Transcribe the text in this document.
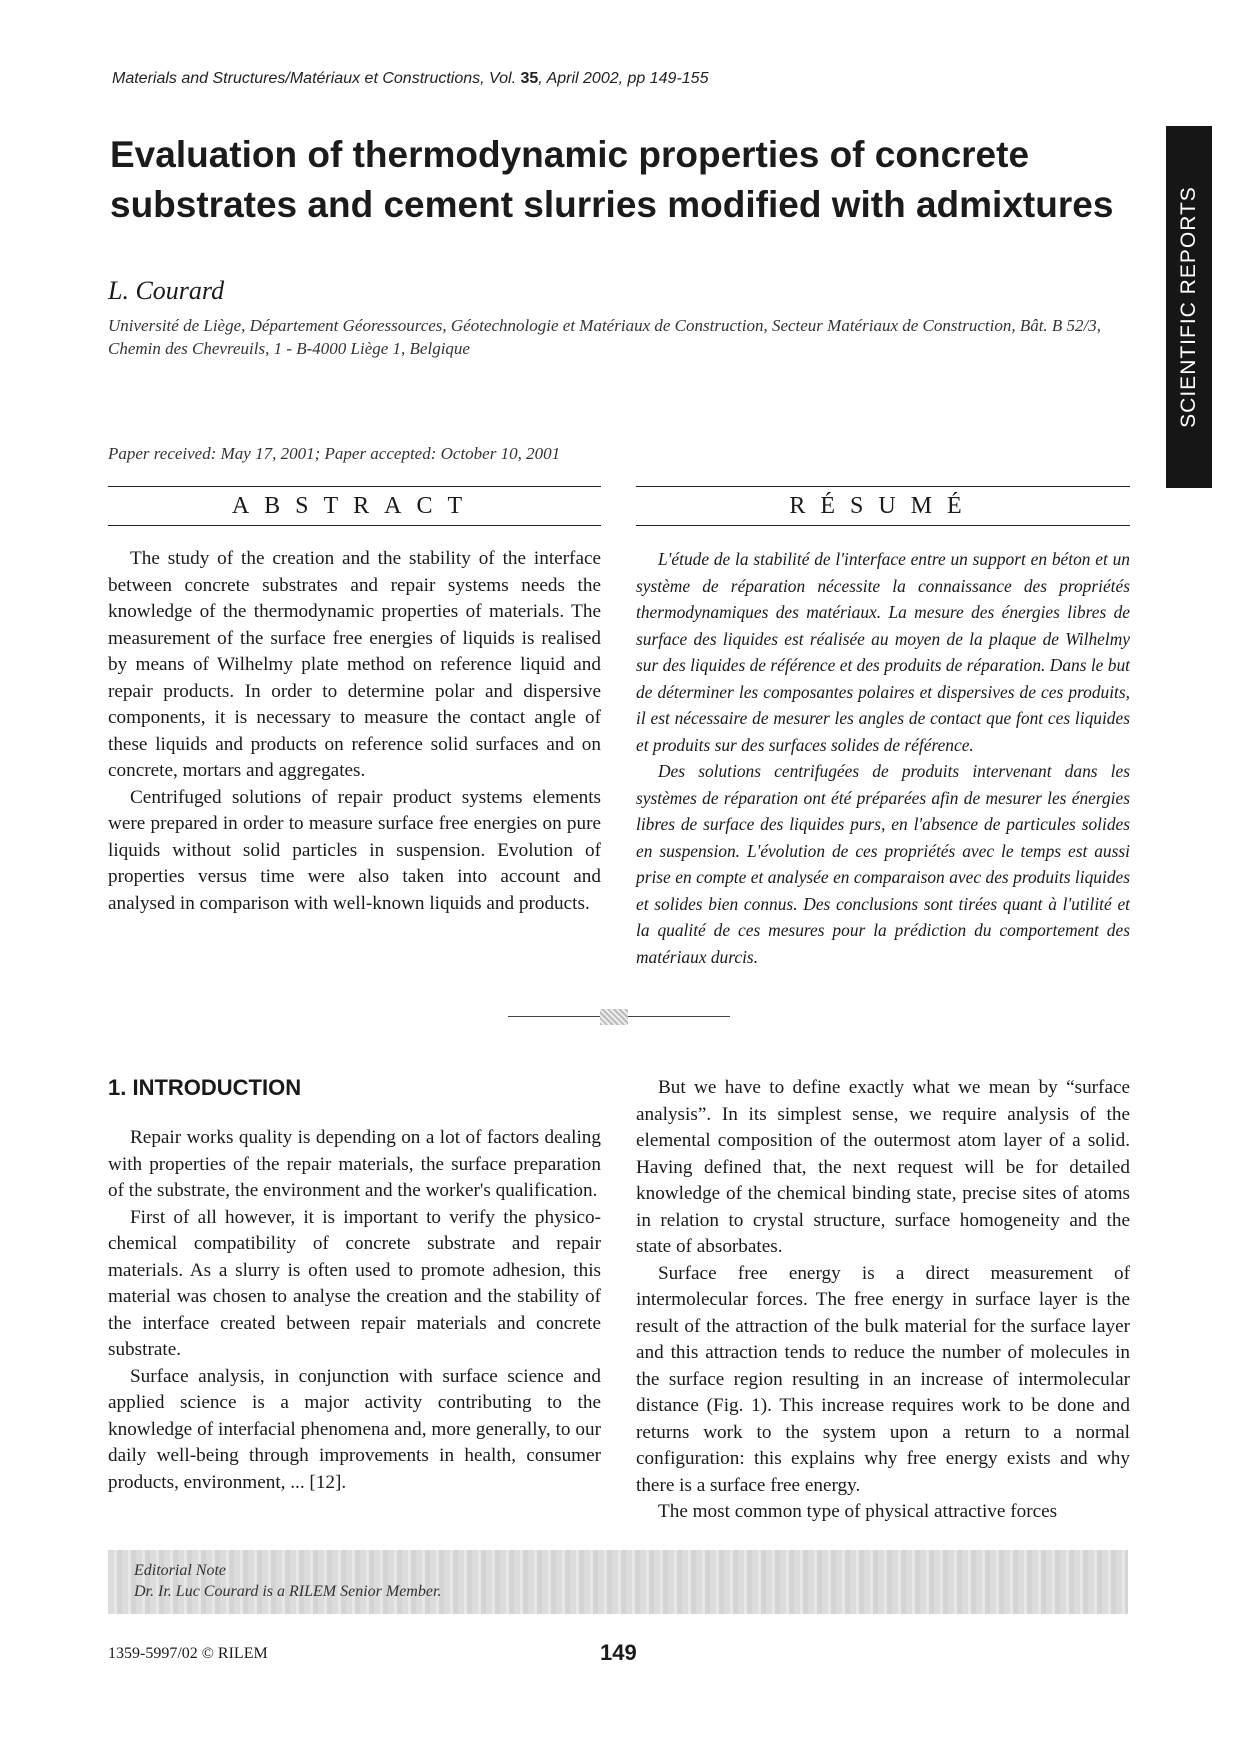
Materials and Structures/Matériaux et Constructions, Vol. 35, April 2002, pp 149-155
Evaluation of thermodynamic properties of concrete
substrates and cement slurries modified with admixtures	SCIENTIFIC REPORTS
L. Courard
Université de Liège, Département Géoressources, Géotechnologie et Matériaux de Construction, Secteur Matériaux de Construction, Bât. B 52/3,
Chemin des Chevreuils, 1 - B-4000 Liège 1, Belgique
Paper received: May 17, 2001; Paper accepted: October 10, 2001
ABSTRACT	RÉSUMÉ

The study of the creation and the stability of the interface between concrete substrates and repair systems needs the knowledge of the thermodynamic properties of materials. The measurement of the surface free energies of liquids is realised by means of Wilhelmy plate method on reference liquid and repair products. In order to determine polar and dispersive components, it is necessary to measure the contact angle of these liquids and products on reference solid surfaces and on concrete, mortars and aggregates.

Centrifuged solutions of repair product systems elements were prepared in order to measure surface free energies on pure liquids without solid particles in suspension. Evolution of properties versus time were also taken into account and analysed in comparison with well-known liquids and products.

L'étude de la stabilité de l'interface entre un support en béton et un système de réparation nécessite la connaissance des propriétés thermodynamiques des matériaux. La mesure des énergies libres de surface des liquides est réalisée au moyen de la plaque de Wilhelmy sur des liquides de référence et des produits de réparation. Dans le but de déterminer les composantes polaires et dispersives de ces produits, il est nécessaire de mesurer les angles de contact que font ces liquides et produits sur des surfaces solides de référence.

Des solutions centrifugées de produits intervenant dans les systèmes de réparation ont été préparées afin de mesurer les énergies libres de surface des liquides purs, en l'absence de particules solides en suspension. L'évolution de ces propriétés avec le temps est aussi prise en compte et analysée en comparaison avec des produits liquides et solides bien connus. Des conclusions sont tirées quant à l'utilité et la qualité de ces mesures pour la prédiction du comportement des matériaux durcis.

1. INTRODUCTION

Repair works quality is depending on a lot of factors dealing with properties of the repair materials, the surface preparation of the substrate, the environment and the worker's qualification.

First of all however, it is important to verify the physico-chemical compatibility of concrete substrate and repair materials. As a slurry is often used to promote adhesion, this material was chosen to analyse the creation and the stability of the interface created between repair materials and concrete substrate.

Surface analysis, in conjunction with surface science and applied science is a major activity contributing to the knowledge of interfacial phenomena and, more generally, to our daily well-being through improvements in health, consumer products, environment, ... [12].

But we have to define exactly what we mean by “surface analysis”. In its simplest sense, we require analysis of the elemental composition of the outermost atom layer of a solid. Having defined that, the next request will be for detailed knowledge of the chemical binding state, precise sites of atoms in relation to crystal structure, surface homogeneity and the state of absorbates.

Surface free energy is a direct measurement of intermolecular forces. The free energy in surface layer is the result of the attraction of the bulk material for the surface layer and this attraction tends to reduce the number of molecules in the surface region resulting in an increase of intermolecular distance (Fig. 1). This increase requires work to be done and returns work to the system upon a return to a normal configuration: this explains why free energy exists and why there is a surface free energy.

The most common type of physical attractive forces

Editorial Note
Dr. Ir. Luc Courard is a RILEM Senior Member.
1359-5997/02 © RILEM	149
